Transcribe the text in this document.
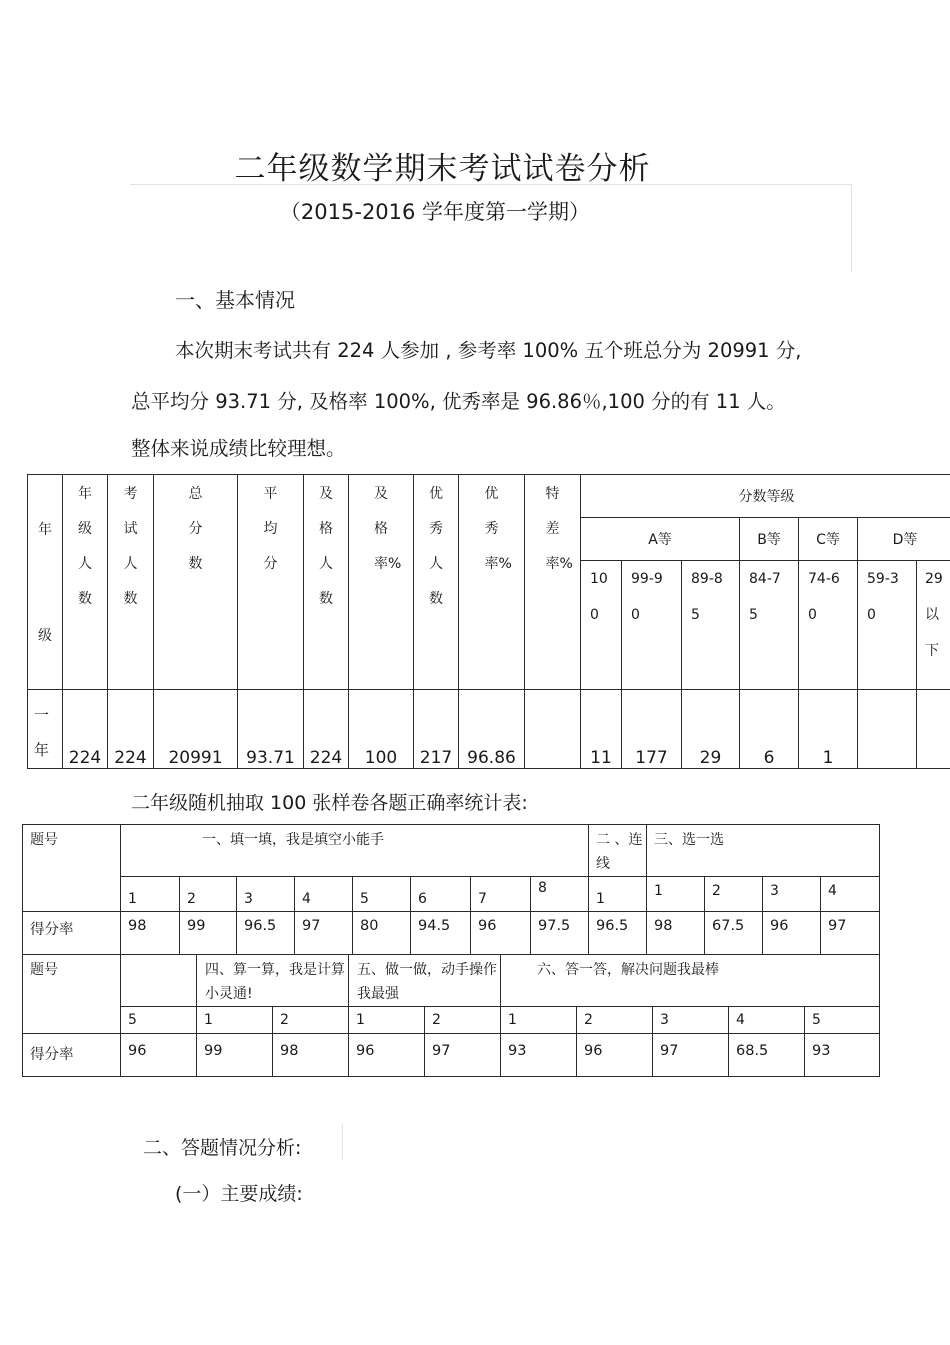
二年级数学期末考试试卷分析
（2015-2016 学年度第一学期）
一、基本情况
本次期末考试共有 224 人参加 , 参考率 100% 五个班总分为 20991 分,
总平均分 93.71 分, 及格率 100%, 优秀率是 96.86％,100 分的有 11 人。
整体来说成绩比较理想。
年级	年级人数	考试人数	总分数	平均分	及格人数	及格率%	优秀人数	优秀率%	特差率%	分数等级						
										A等			B等	C等	D等	

										100	99-90	89-85	84-75	74-60	59-30	29以下

一年	224	224	20991	93.71	224	100	217	96.86		11	177	29	6	1		
二年级随机抽取 100 张样卷各题正确率统计表:
题号	一、填一填，我是填空小能手								二 、连线	三、选一选			
	1	2	3	4	5	6	7	8	1	1	2	3	4
得分率	98	99	96.5	97	80	94.5	96	97.5	96.5	98	67.5	96	97
题号		四、算一算，我是计算小灵通!		五、做一做，动手操作我最强		六、答一答，解决问题我最棒				
	5	1	2	1	2	1	2	3	4	5
得分率	96	99	98	96	97	93	96	97	68.5	93
二、答题情况分析:
(一）主要成绩:
